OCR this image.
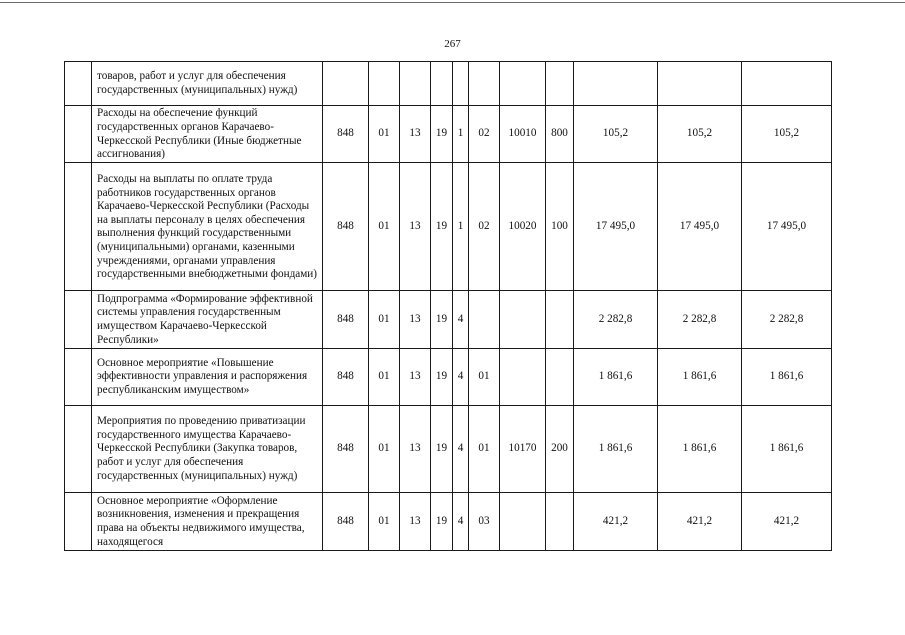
267
	товаров, работ и услуг для обеспечения государственных (муниципальных) нужд)											
	Расходы на обеспечение функций государственных органов Карачаево-Черкесской Республики (Иные бюджетные ассигнования)	848	01	13	19	1	02	10010	800	105,2	105,2	105,2
	Расходы на выплаты по оплате труда работников государственных органов Карачаево-Черкесской Республики (Расходы на выплаты персоналу в целях обеспечения выполнения функций государственными (муниципальными) органами, казенными учреждениями, органами управления государственными внебюджетными фондами)	848	01	13	19	1	02	10020	100	17 495,0	17 495,0	17 495,0
	Подпрограмма «Формирование эффективной системы управления государственным имуществом Карачаево-Черкесской Республики»	848	01	13	19	4				2 282,8	2 282,8	2 282,8
	Основное мероприятие «Повышение эффективности управления и распоряжения республиканским имуществом»	848	01	13	19	4	01			1 861,6	1 861,6	1 861,6
	Мероприятия по проведению приватизации государственного имущества Карачаево-Черкесской Республики (Закупка товаров, работ и услуг для обеспечения государственных (муниципальных) нужд)	848	01	13	19	4	01	10170	200	1 861,6	1 861,6	1 861,6
	Основное мероприятие «Оформление возникновения, изменения и прекращения права на объекты недвижимого имущества, находящегося	848	01	13	19	4	03			421,2	421,2	421,2
